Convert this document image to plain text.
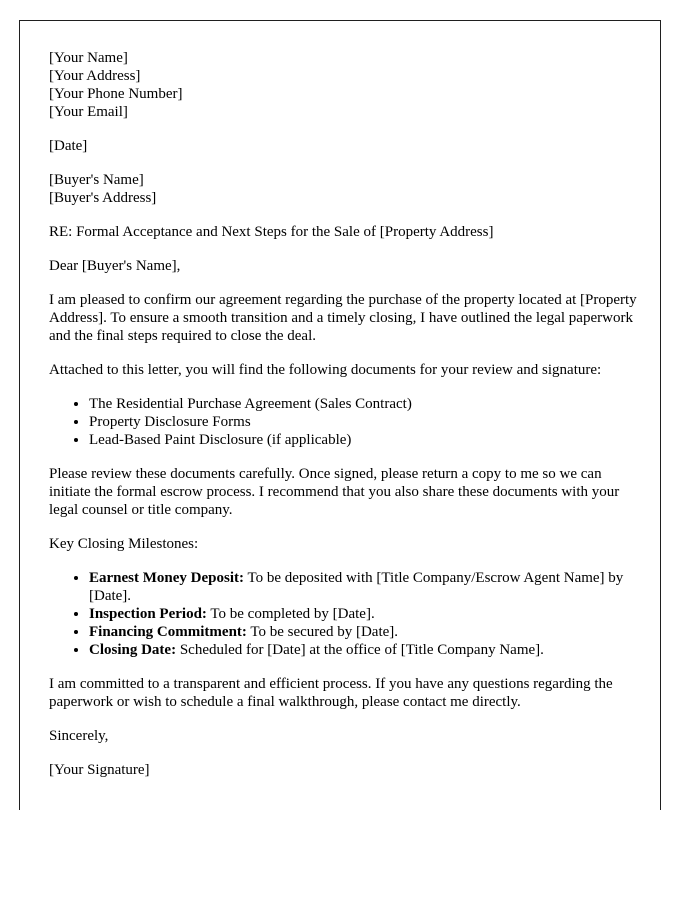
[Your Name]
[Your Address]
[Your Phone Number]
[Your Email]

[Date]

[Buyer's Name]
[Buyer's Address]

RE: Formal Acceptance and Next Steps for the Sale of [Property Address]

Dear [Buyer's Name],

I am pleased to confirm our agreement regarding the purchase of the property located at [Property Address]. To ensure a smooth transition and a timely closing, I have outlined the legal paperwork and the final steps required to close the deal.

Attached to this letter, you will find the following documents for your review and signature:

• The Residential Purchase Agreement (Sales Contract)
• Property Disclosure Forms
• Lead-Based Paint Disclosure (if applicable)

Please review these documents carefully. Once signed, please return a copy to me so we can initiate the formal escrow process. I recommend that you also share these documents with your legal counsel or title company.

Key Closing Milestones:

• Earnest Money Deposit: To be deposited with [Title Company/Escrow Agent Name] by [Date].
• Inspection Period: To be completed by [Date].
• Financing Commitment: To be secured by [Date].
• Closing Date: Scheduled for [Date] at the office of [Title Company Name].

I am committed to a transparent and efficient process. If you have any questions regarding the paperwork or wish to schedule a final walkthrough, please contact me directly.

Sincerely,

[Your Signature]
